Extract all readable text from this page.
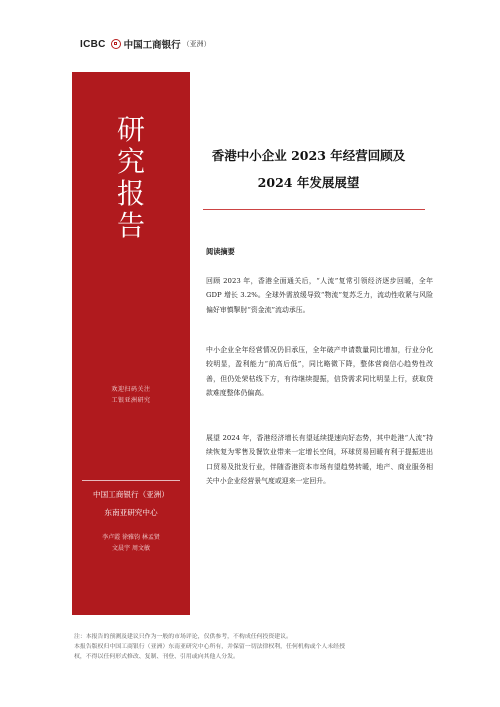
ICBC 中国工商银行 （亚洲）
研
究
报
告
欢迎扫码关注
工银亚洲研究
中国工商银行（亚洲）
东南亚研究中心
李卢霞 徐雅钧 林孟贤
文晨宇 周文敏
香港中小企业 2023 年经营回顾及
2024 年发展展望
阅读摘要

回顾 2023 年，香港全面通关后，“人流”复常引领经济逐步回暖，全年 GDP 增长 3.2%。全球外需放缓导致“物流”复苏乏力，流动性收紧与风险偏好审慎掣肘“资金流”流动承压。

中小企业全年经营情况仍旧承压，全年破产申请数量同比增加，行业分化较明显，盈利能力“前高后低”，同比略微下降，整体营商信心趋势性改善，但仍处荣枯线下方，有待继续提振，信贷需求同比明显上行，获取贷款难度整体仍偏高。

展望 2024 年，香港经济增长有望延续提速向好态势，其中赴港“人流”持续恢复为零售及餐饮业带来一定增长空间，环球贸易回暖有利于提振进出口贸易及批发行业，伴随香港资本市场有望趋势转暖，地产、商业服务相关中小企业经营景气度或迎来一定回升。

注：本报告的预测及建议只作为一般的市场评论，仅供参考，不构成任何投资建议。
本报告版权归中国工商银行（亚洲）东南亚研究中心所有，并保留一切法律权利，任何机构或个人未经授
权，不得以任何形式修改、复制、刊登、引用或向其他人分发。
